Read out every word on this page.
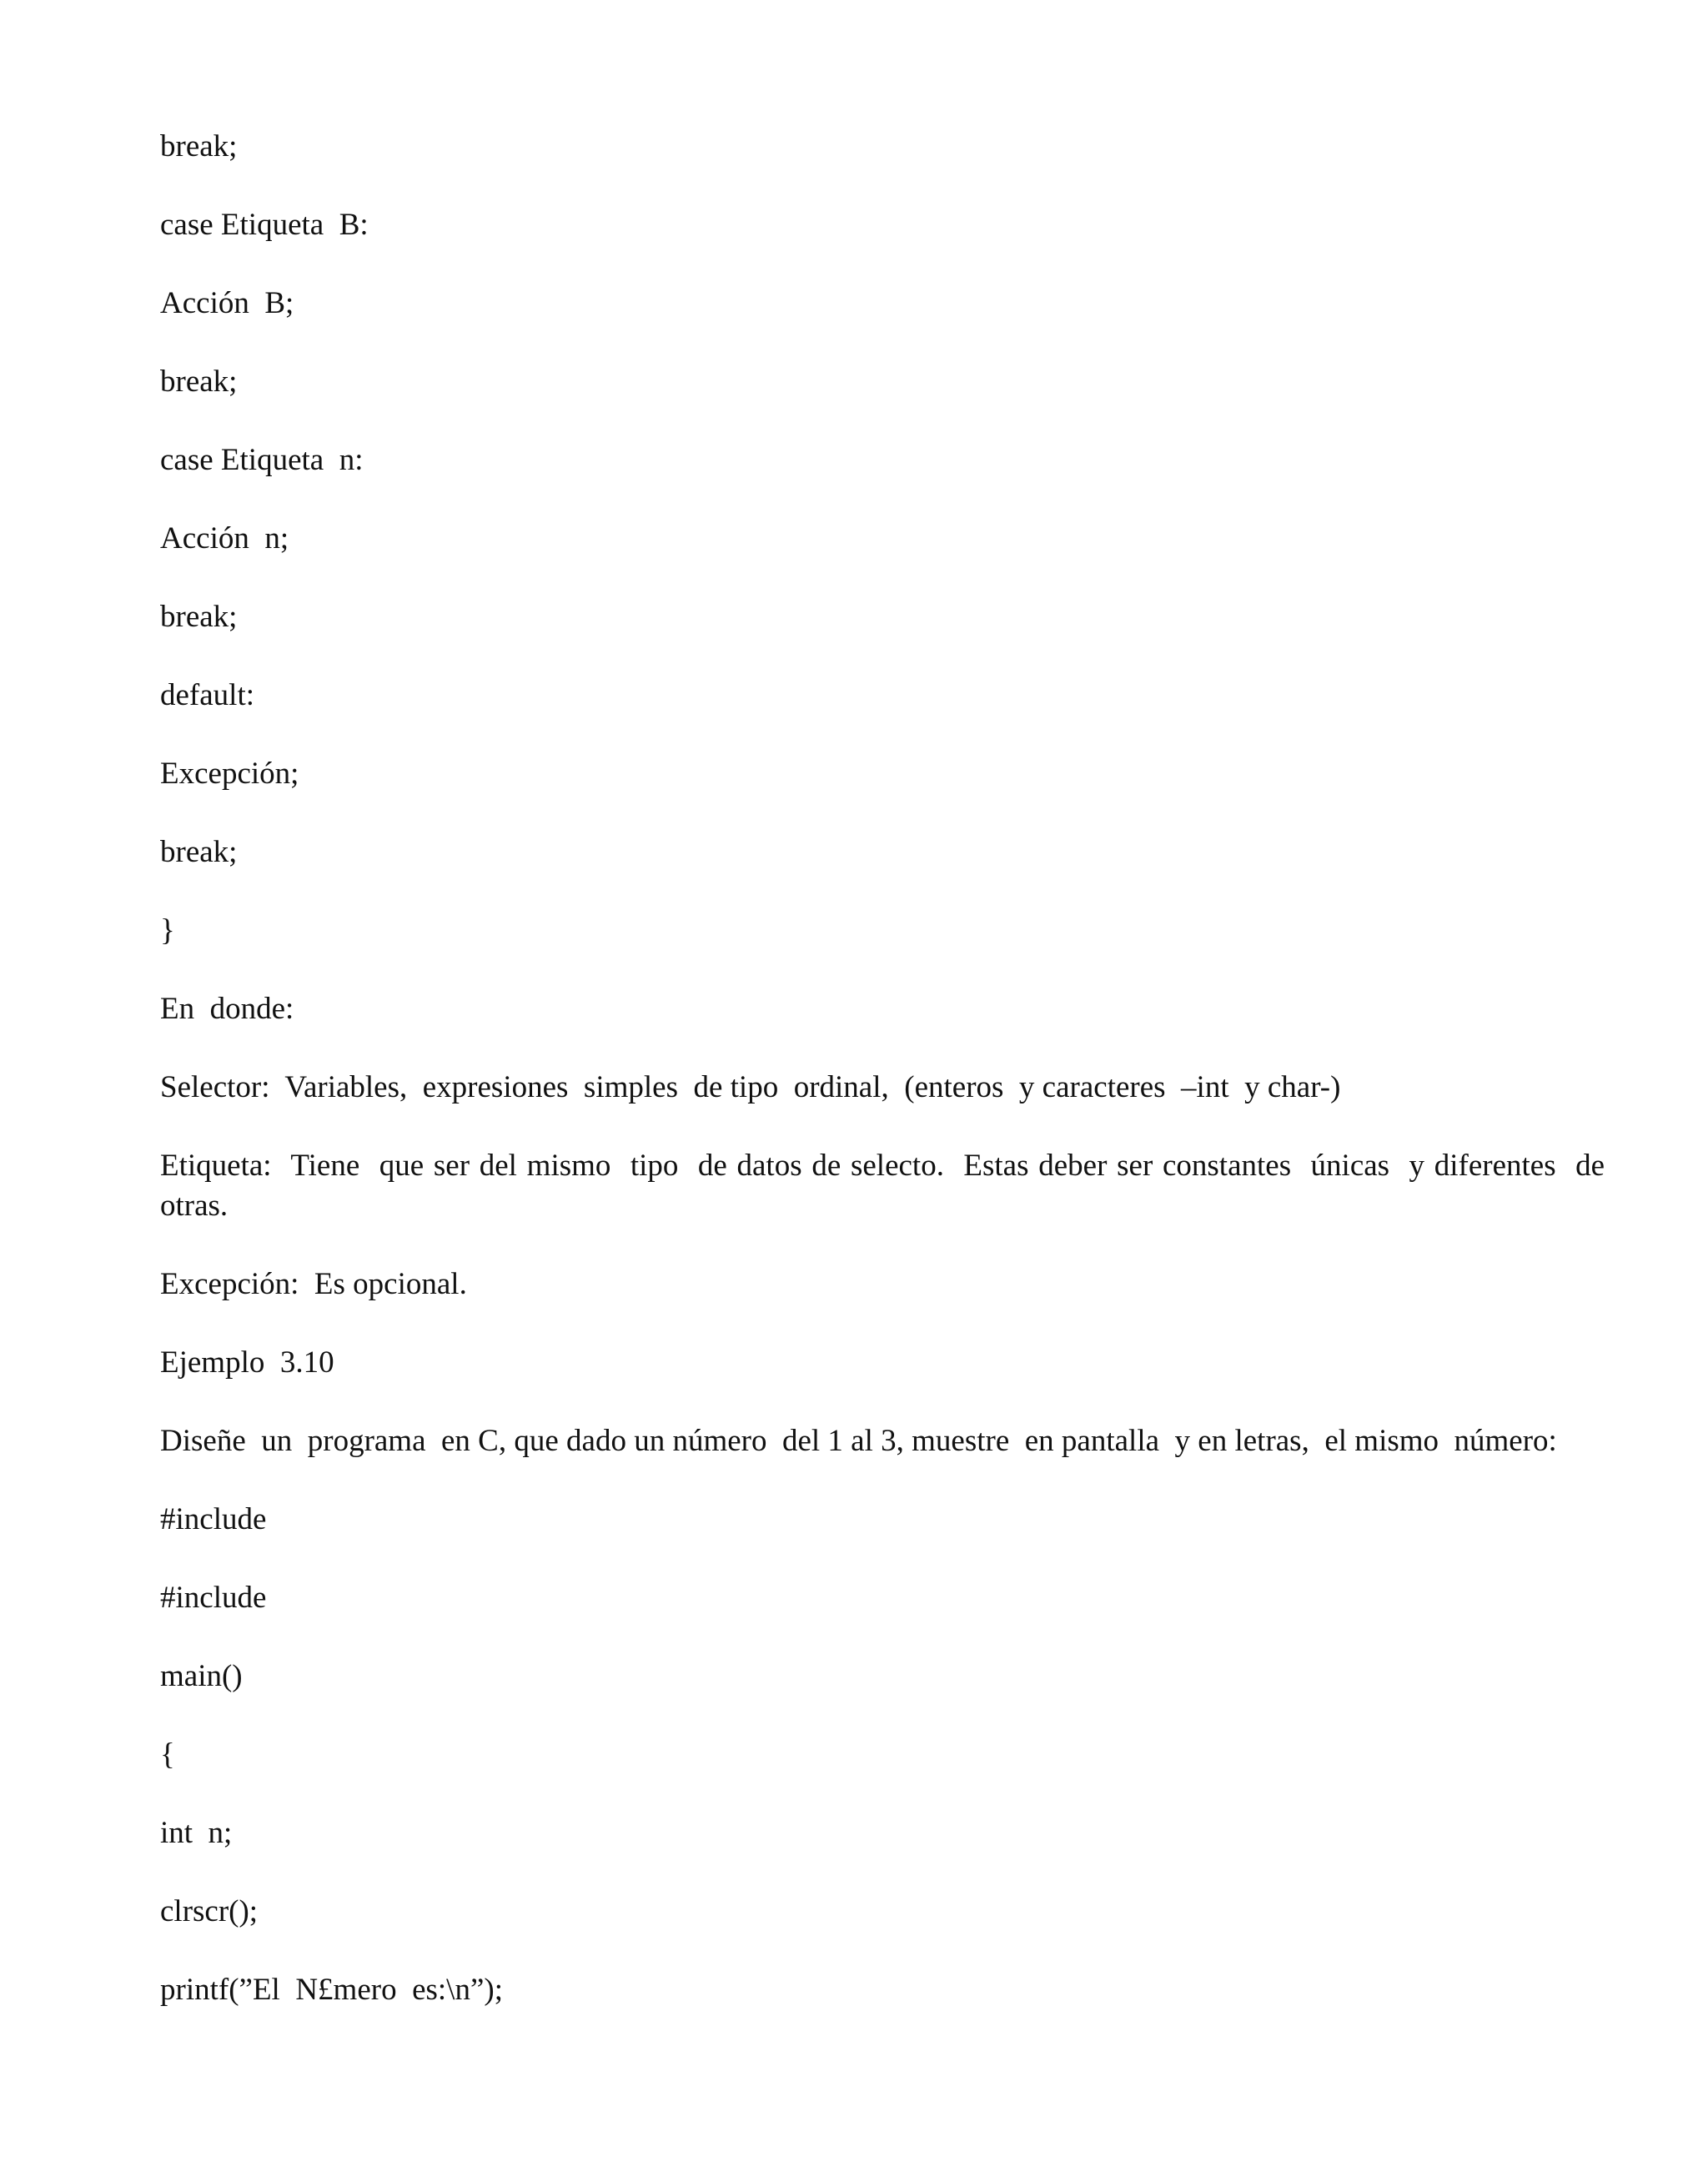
break;

case Etiqueta  B:

Acción  B;

break;

case Etiqueta  n:

Acción  n;

break;

default:

Excepción;

break;

}

En  donde:

Selector:  Variables,  expresiones  simples  de tipo  ordinal,  (enteros  y caracteres  –int  y char-)

Etiqueta:  Tiene  que ser del mismo  tipo  de datos de selecto.  Estas deber ser constantes  únicas  y diferentes  de otras.

Excepción:  Es opcional.

Ejemplo  3.10

Diseñe  un  programa  en C, que dado un número  del 1 al 3, muestre  en pantalla  y en letras,  el mismo  número:

#include

#include

main()

{

int  n;

clrscr();

printf(”El  N£mero  es:\n”);
